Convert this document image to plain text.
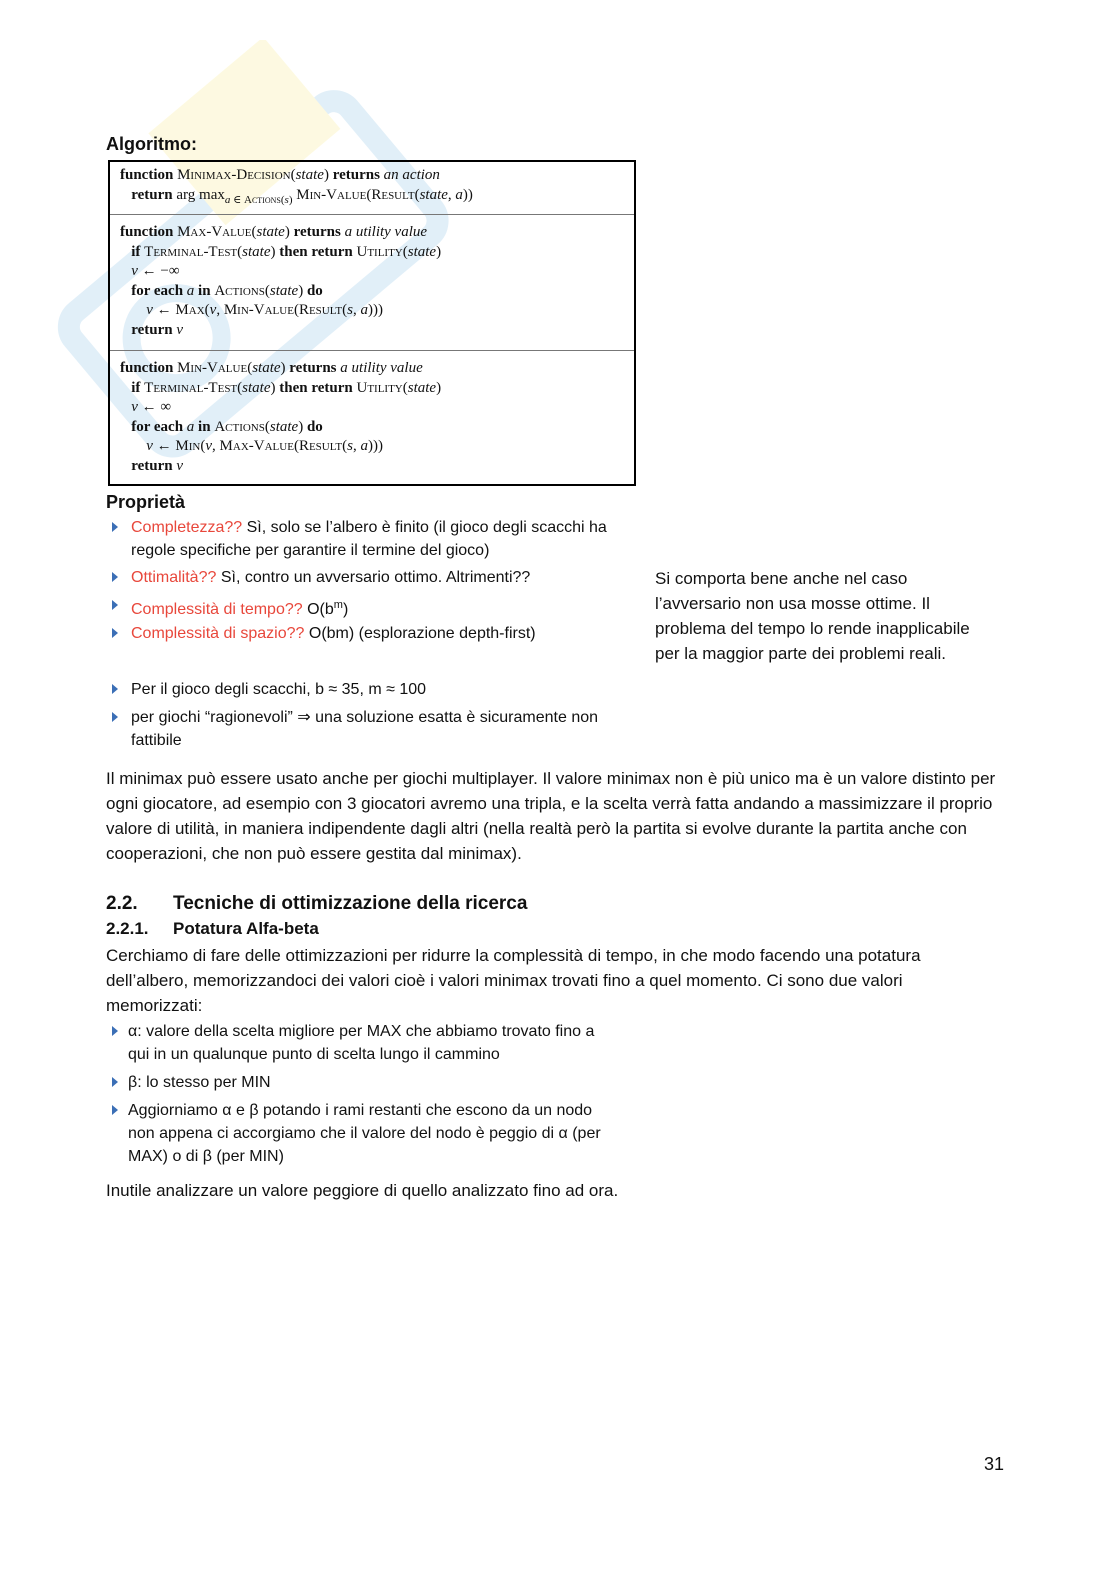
Algoritmo:
function Minimax-Decision(state) returns an action
return arg $\max_{a \in Actions(s)}$ Min-Value(Result(state, a))
function Max-Value(state) returns a utility value
if Terminal-Test(state) then return Utility(state)
v ← −∞
for each a in Actions(state) do
v ← Max(v, Min-Value(Result(s, a)))
return v
function Min-Value(state) returns a utility value
if Terminal-Test(state) then return Utility(state)
v ← ∞
for each a in Actions(state) do
v ← Min(v, Max-Value(Result(s, a)))
return v
Proprietà
Completezza?? Sì, solo se l’albero è finito (il gioco degli scacchi ha regole specifiche per garantire il termine del gioco)
Ottimalità?? Sì, contro un avversario ottimo. Altrimenti??
Complessità di tempo?? $O(b^m)$
Complessità di spazio?? O(bm) (esplorazione depth-first)
Per il gioco degli scacchi, b ≈ 35, m ≈ 100
per giochi “ragionevoli” ⇒ una soluzione esatta è sicuramente non fattibile
Si comporta bene anche nel caso l’avversario non usa mosse ottime. Il problema del tempo lo rende inapplicabile per la maggior parte dei problemi reali.
Il minimax può essere usato anche per giochi multiplayer. Il valore minimax non è più unico ma è un valore distinto per ogni giocatore, ad esempio con 3 giocatori avremo una tripla, e la scelta verrà fatta andando a massimizzare il proprio valore di utilità, in maniera indipendente dagli altri (nella realtà però la partita si evolve durante la partita anche con cooperazioni, che non può essere gestita dal minimax).
2.2. Tecniche di ottimizzazione della ricerca
2.2.1. Potatura Alfa-beta
Cerchiamo di fare delle ottimizzazioni per ridurre la complessità di tempo, in che modo facendo una potatura dell’albero, memorizzandoci dei valori cioè i valori minimax trovati fino a quel momento. Ci sono due valori memorizzati:
α: valore della scelta migliore per MAX che abbiamo trovato fino a qui in un qualunque punto di scelta lungo il cammino
β: lo stesso per MIN
Aggiorniamo α e β potando i rami restanti che escono da un nodo non appena ci accorgiamo che il valore del nodo è peggio di α (per MAX) o di β (per MIN)
Inutile analizzare un valore peggiore di quello analizzato fino ad ora.
31
